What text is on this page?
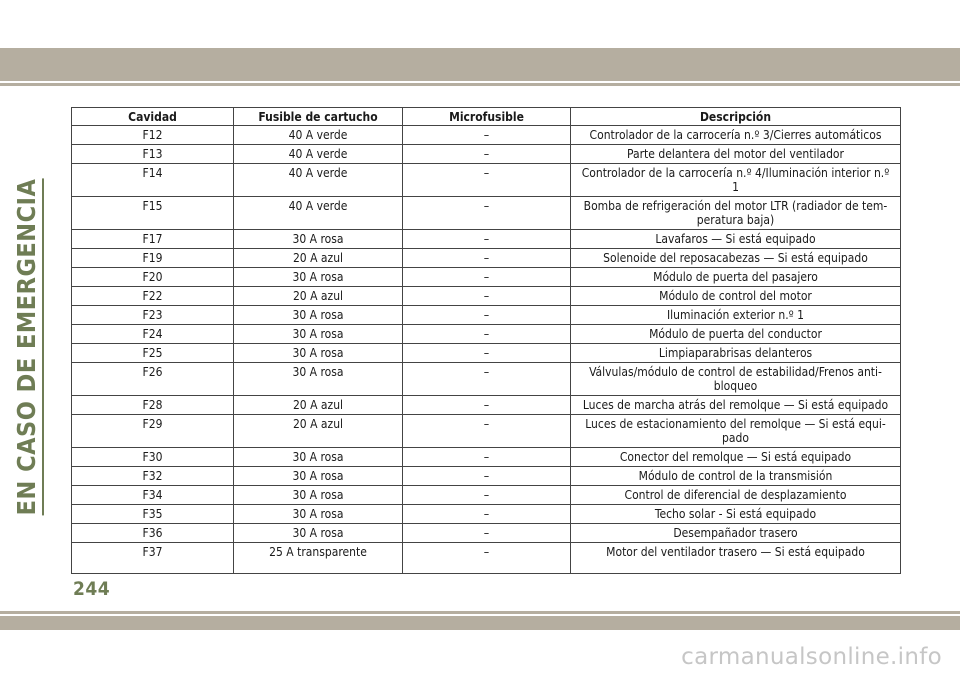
EN CASO DE EMERGENCIA
Cavidad	Fusible de cartucho	Microfusible	Descripción
F12	40 A verde	–	Controlador de la carrocería n.º 3/Cierres automáticos
F13	40 A verde	–	Parte delantera del motor del ventilador
F14	40 A verde	–	Controlador de la carrocería n.º 4/Iluminación interior n.º 1
F15	40 A verde	–	Bomba de refrigeración del motor LTR (radiador de tem-peratura baja)
F17	30 A rosa	–	Lavafaros — Si está equipado
F19	20 A azul	–	Solenoide del reposacabezas — Si está equipado
F20	30 A rosa	–	Módulo de puerta del pasajero
F22	20 A azul	–	Módulo de control del motor
F23	30 A rosa	–	Iluminación exterior n.º 1
F24	30 A rosa	–	Módulo de puerta del conductor
F25	30 A rosa	–	Limpiaparabrisas delanteros
F26	30 A rosa	–	Válvulas/módulo de control de estabilidad/Frenos anti-bloqueo
F28	20 A azul	–	Luces de marcha atrás del remolque — Si está equipado
F29	20 A azul	–	Luces de estacionamiento del remolque — Si está equi-pado
F30	30 A rosa	–	Conector del remolque — Si está equipado
F32	30 A rosa	–	Módulo de control de la transmisión
F34	30 A rosa	–	Control de diferencial de desplazamiento
F35	30 A rosa	–	Techo solar - Si está equipado
F36	30 A rosa	–	Desempañador trasero
F37	25 A transparente	–	Motor del ventilador trasero — Si está equipado
244
carmanualsonline.info
